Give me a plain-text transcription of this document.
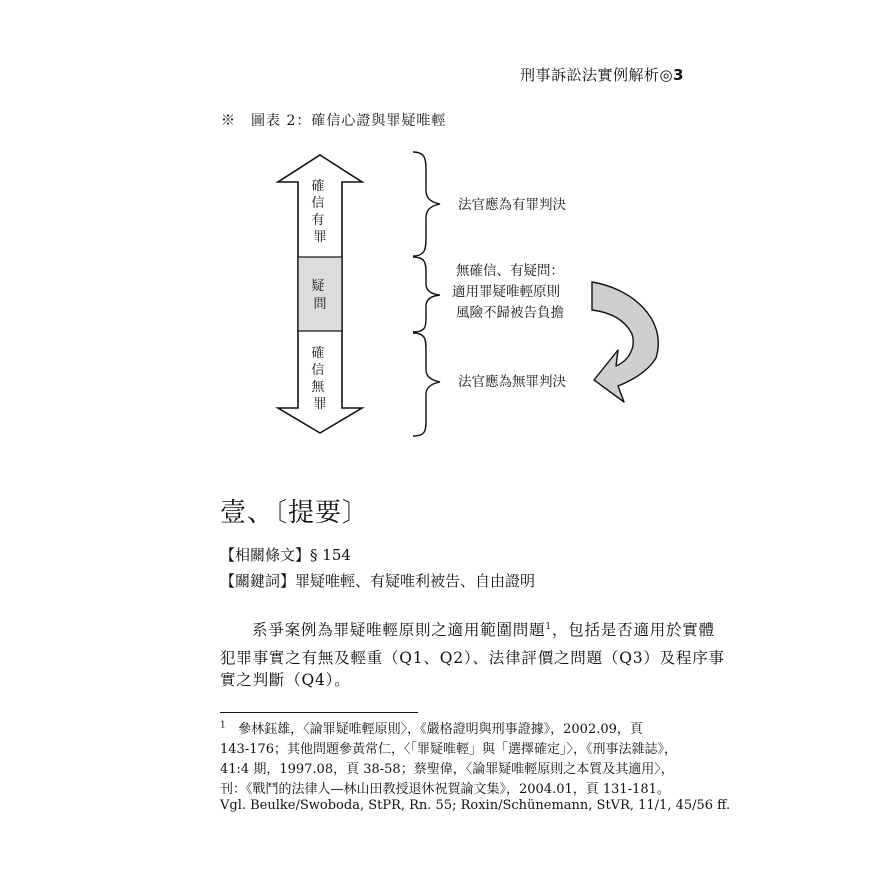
刑事訴訟法實例解析◎3
※　圖表 2：確信心證與罪疑唯輕
確 信 有 罪
疑 問
確 信 無 罪
法官應為有罪判決
無確信、有疑問： 適用罪疑唯輕原則 風險不歸被告負擔
法官應為無罪判決
壹、〔提要〕
【相關條文】§ 154
【關鍵詞】罪疑唯輕、有疑唯利被告、自由證明
系爭案例為罪疑唯輕原則之適用範圍問題$^1$，包括是否適用於實體
犯罪事實之有無及輕重（Q1、Q2）、法律評價之問題（Q3）及程序事
實之判斷（Q4）。
$^1$ 參林鈺雄，〈論罪疑唯輕原則〉，《嚴格證明與刑事證據》，2002.09，頁
143-176；其他問題參黃常仁，〈「罪疑唯輕」與「選擇確定」〉，《刑事法雜誌》，
41:4 期，1997.08，頁 38-58；蔡聖偉，〈論罪疑唯輕原則之本質及其適用〉，
刊：《戰鬥的法律人—林山田教授退休祝賀論文集》，2004.01，頁 131-181。
Vgl. Beulke/Swoboda, StPR, Rn. 55; Roxin/Schünemann, StVR, 11/1, 45/56 ff.
